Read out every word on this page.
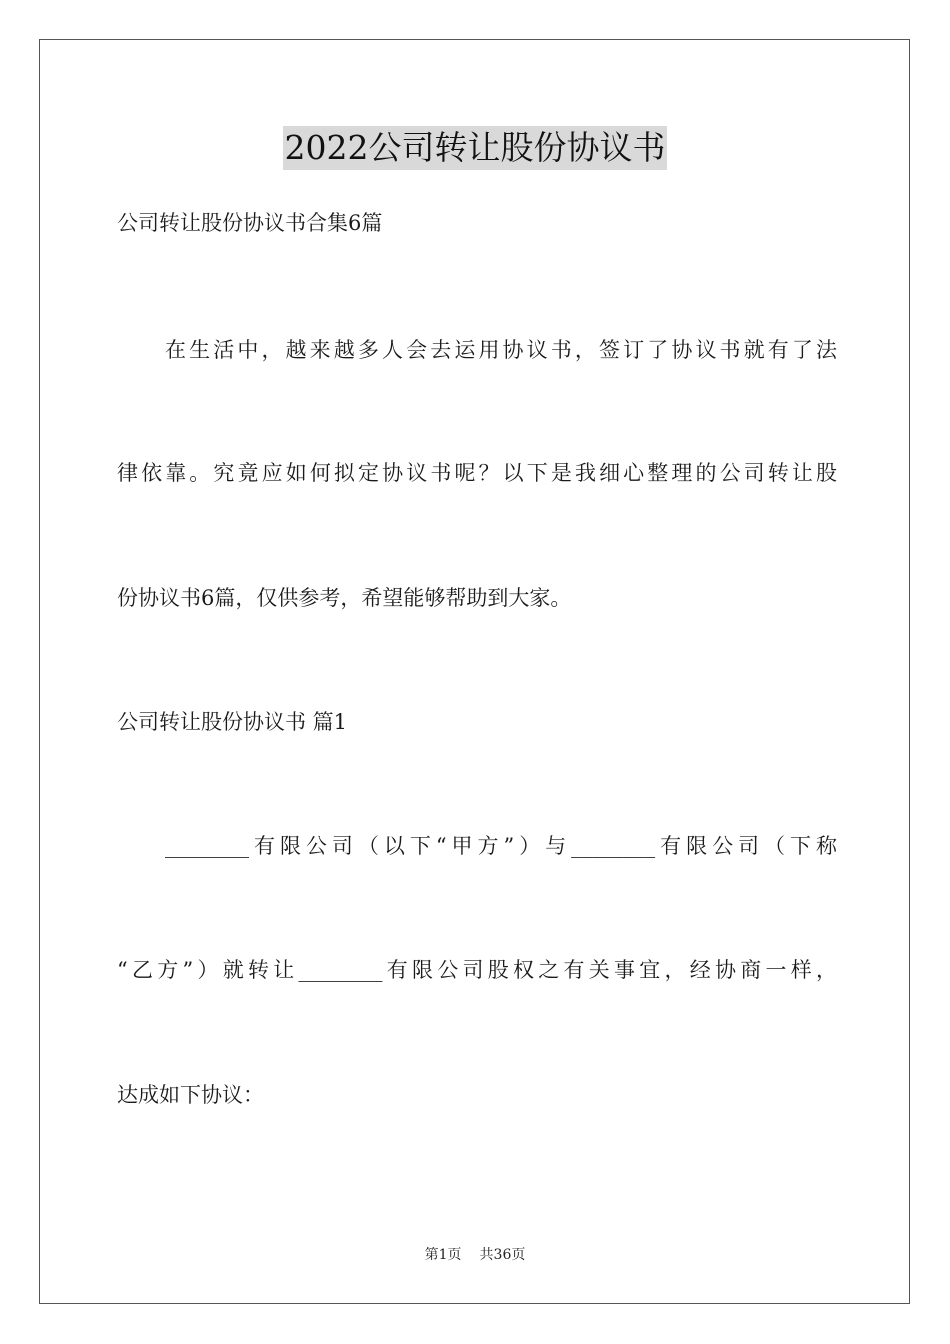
2022公司转让股份协议书
公司转让股份协议书合集6篇
在生活中，越来越多人会去运用协议书，签订了协议书就有了法
律依靠。究竟应如何拟定协议书呢？以下是我细心整理的公司转让股
份协议书6篇，仅供参考，希望能够帮助到大家。
公司转让股份协议书 篇1
________有限公司（以下“甲方”）与________有限公司（下称
“乙方”）就转让________有限公司股权之有关事宜，经协商一样，
达成如下协议：
第1页 共36页
